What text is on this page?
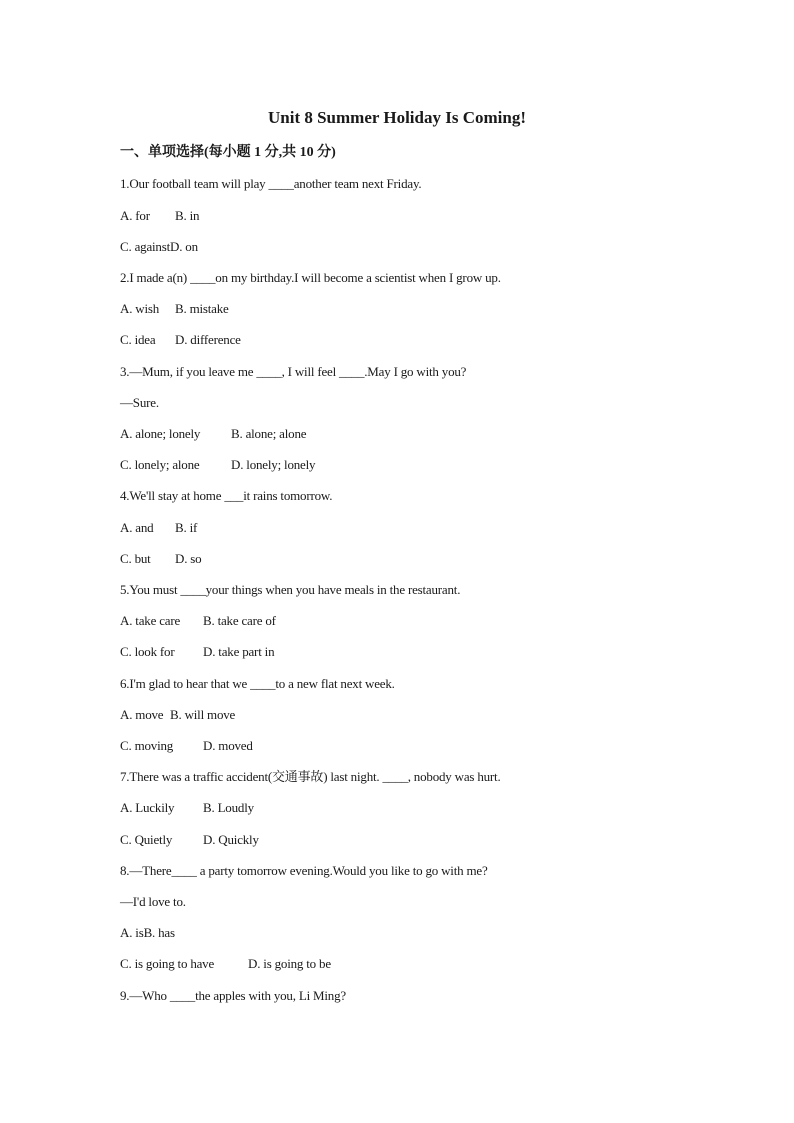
Unit 8 Summer Holiday Is Coming!
一、单项选择(每小题 1 分,共 10 分)
1.Our football team will play ____another team next Friday.
A. for B. in
C. againstD. on
2.I made a(n) ____on my birthday.I will become a scientist when I grow up.
A. wish B. mistake
C. idea D. difference
3.—Mum, if you leave me ____, I will feel ____.May I go with you?
—Sure.
A. alone; lonely B. alone; alone
C. lonely; alone D. lonely; lonely
4.We'll stay at home ___it rains tomorrow.
A. and B. if
C. but D. so
5.You must ____your things when you have meals in the restaurant.
A. take care B. take care of
C. look for D. take part in
6.I'm glad to hear that we ____to a new flat next week.
A. move B. will move
C. moving D. moved
7.There was a traffic accident(交通事故) last night. ____, nobody was hurt.
A. Luckily B. Loudly
C. Quietly D. Quickly
8.—There____ a party tomorrow evening.Would you like to go with me?
—I'd love to.
A. isB. has
C. is going to have	D. is going to be
9.—Who ____the apples with you, Li Ming?
